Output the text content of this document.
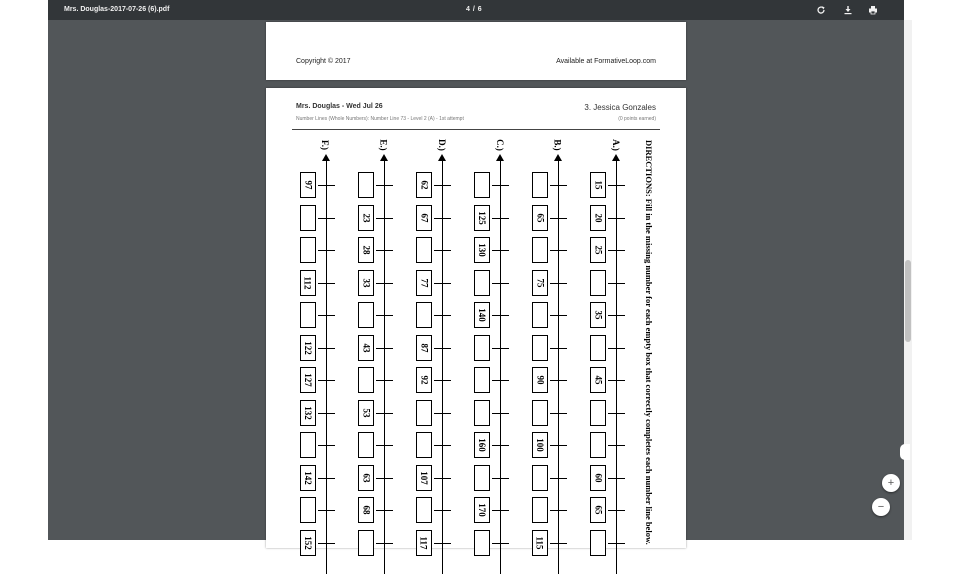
Mrs. Douglas-2017-07-26 (6).pdf	4 / 6
Copyright © 2017	Available at FormativeLoop.com
Mrs. Douglas - Wed Jul 26
Number Lines (Whole Numbers): Number Line 73 - Level 2 (A) - 1st attempt
3. Jessica Gonzales
(0 points earned)
DIRECTIONS: Fill in the missing number for each empty box that correctly completes each number line below.
A.)
15
20
25
35
45
60
65
B.)
65
75
90
100
115
C.)
125
130
140
160
170
D.)
62
67
77
87
92
107
117
E.)
23
28
33
43
53
63
68
F.)
97
112
122
127
132
142
152
+
−
